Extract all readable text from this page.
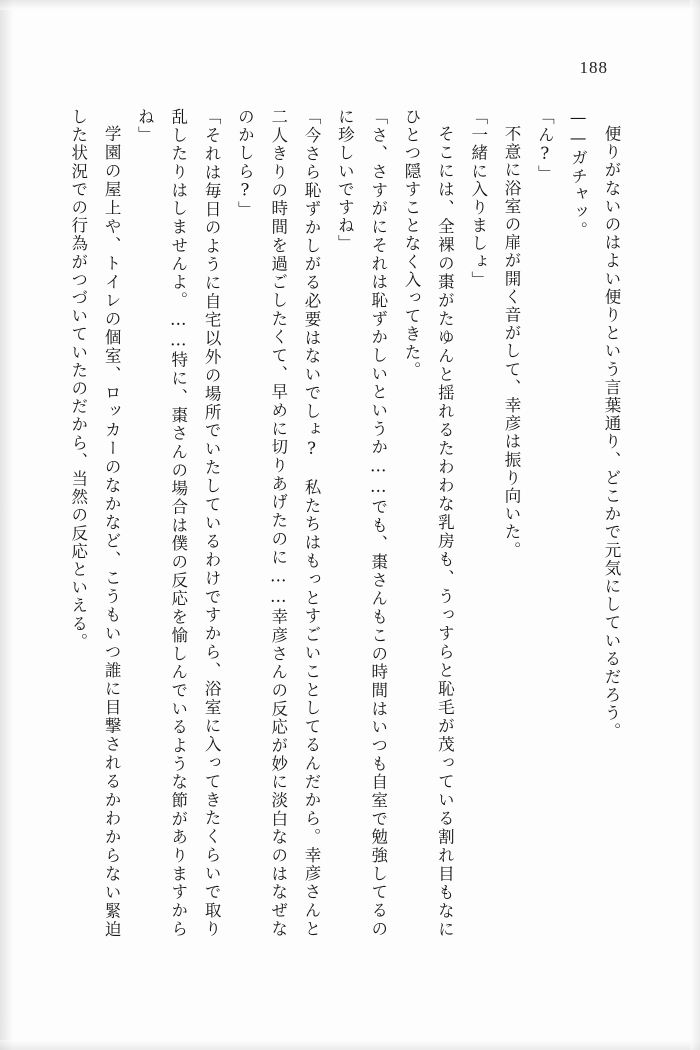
188

便りがないのはよい便りという言葉通り、どこかで元気にしているだろう。

——ガチャッ。

「ん?」

不意に浴室の扉が開く音がして、幸彦は振り向いた。

「一緒に入りましょ」

そこには、全裸の棗がたゆんと揺れるたわわな乳房も、うっすらと恥毛が茂っている割れ目もなにひとつ隠すことなく入ってきた。

「さ、さすがにそれは恥ずかしいというか……でも、棗さんもこの時間はいつも自室で勉強してるのに珍しいですね」

「今さら恥ずかしがる必要はないでしょ?　私たちはもっとすごいことしてるんだから。幸彦さんと二人きりの時間を過ごしたくて、早めに切りあげたのに……幸彦さんの反応が妙に淡白なのはなぜなのかしら?」

「それは毎日のように自宅以外の場所でいたしているわけですから、浴室に入ってきたくらいで取り乱したりはしませんよ。……特に、棗さんの場合は僕の反応を愉しんでいるような節がありますからね」

学園の屋上や、トイレの個室、ロッカーのなかなど、こうもいつ誰に目撃されるかわからない緊迫した状況での行為がつづいていたのだから、当然の反応といえる。
